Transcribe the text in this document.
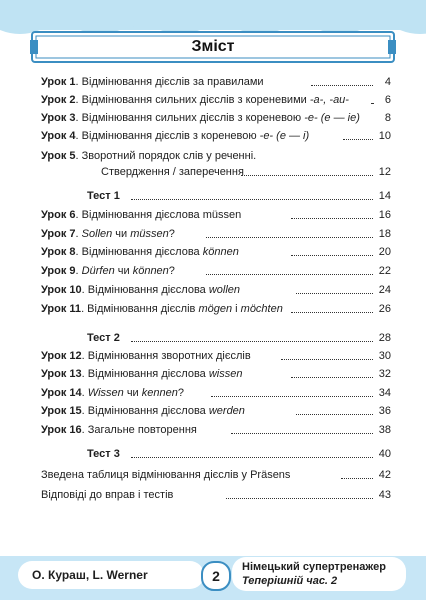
Зміст
Урок 1. Відмінювання дієслів за правилами	4
Урок 2. Відмінювання сильних дієслів з кореневими -a-, -au-	6
Урок 3. Відмінювання сильних дієслів з кореневою -e- (e — ie) 8
Урок 4. Відмінювання дієслів з кореневою -e- (e — i)	10
Урок 5. Зворотний порядок слів у реченні.
Ствердження / заперечення	12
Тест 1	14
Урок 6. Відмінювання дієслова müssen	16
Урок 7. Sollen чи müssen?	18
Урок 8. Відмінювання дієслова können	20
Урок 9. Dürfen чи können?	22
Урок 10. Відмінювання дієслова wollen	24
Урок 11. Відмінювання дієслів mögen і möchten	26
Тест 2	28
Урок 12. Відмінювання зворотних дієслів	30
Урок 13. Відмінювання дієслова wissen	32
Урок 14. Wissen чи kennen?	34
Урок 15. Відмінювання дієслова werden	36
Урок 16. Загальне повторення	38
Тест 3	40
Зведена таблиця відмінювання дієслів у Präsens	42
Відповіді до вправ і тестів	43
О. Кураш, L. Werner	2
Німецький супертренажер
Теперішній час. 2
